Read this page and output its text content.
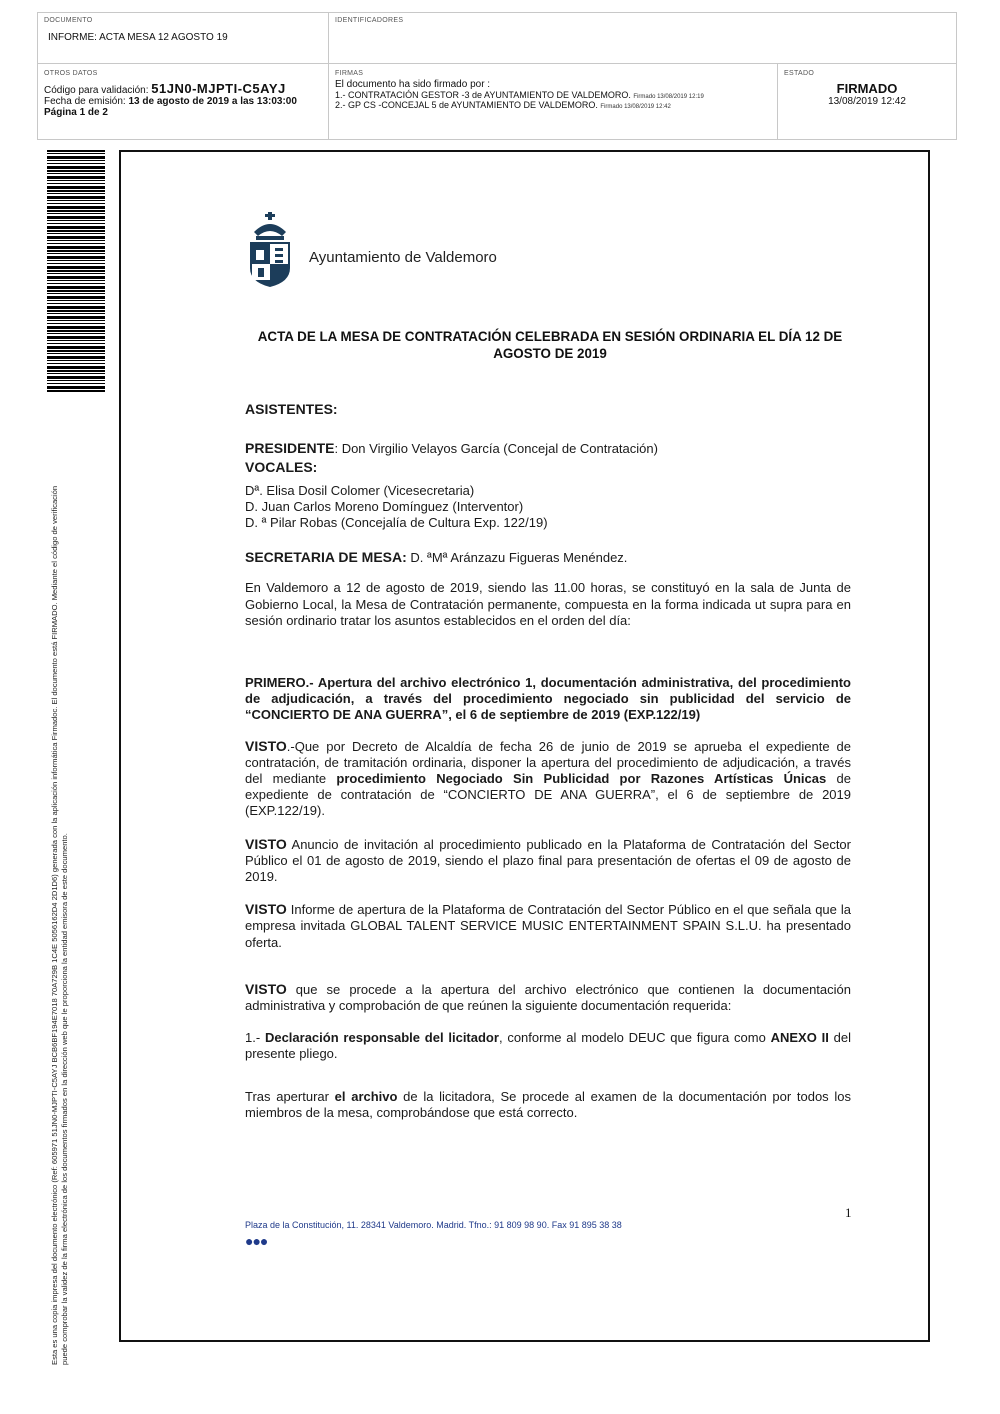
DOCUMENTO
INFORME: ACTA MESA 12 AGOSTO 19
IDENTIFICADORES
OTROS DATOS
Código para validación: 51JN0-MJPTI-C5AYJ
Fecha de emisión: 13 de agosto de 2019 a las 13:03:00
Página 1 de 2
FIRMAS
El documento ha sido firmado por :
1.- CONTRATACIÓN GESTOR -3 de AYUNTAMIENTO DE VALDEMORO. Firmado 13/08/2019 12:19
2.- GP CS -CONCEJAL 5 de AYUNTAMIENTO DE VALDEMORO. Firmado 13/08/2019 12:42
ESTADO
FIRMADO
13/08/2019 12:42
Esta es una copia impresa del documento electrónico (Ref: 605971 51JN0-MJPTI-C5AYJ BCB6BF194E7018 70A729B 1C4E 5056162D4 2D1D6) generada con la aplicación informática Firmadoc. El documento está FIRMADO. Mediante el código de verificación puede comprobar la validez de la firma electrónica de los documentos firmados en la dirección web que le proporciona la entidad emisora de este documento.
Ayuntamiento de Valdemoro
ACTA DE LA MESA DE CONTRATACIÓN CELEBRADA EN SESIÓN ORDINARIA EL DÍA 12 DE
AGOSTO DE 2019

ASISTENTES:

PRESIDENTE: Don Virgilio Velayos García (Concejal de Contratación)

VOCALES:

Dª. Elisa Dosil Colomer (Vicesecretaria)

D. Juan Carlos Moreno Domínguez (Interventor)

D. ª Pilar Robas (Concejalía de Cultura Exp. 122/19)

SECRETARIA DE MESA: D. ªMª Aránzazu Figueras Menéndez.

En Valdemoro a 12 de agosto de 2019, siendo las 11.00 horas, se constituyó en la sala de Junta de Gobierno Local, la Mesa de Contratación permanente, compuesta en la forma indicada ut supra para en sesión ordinario tratar los asuntos establecidos en el orden del día:

PRIMERO.- Apertura del archivo electrónico 1, documentación administrativa, del procedimiento de adjudicación, a través del procedimiento negociado sin publicidad del servicio de “CONCIERTO DE ANA GUERRA”, el 6 de septiembre de 2019 (EXP.122/19)

VISTO.-Que por Decreto de Alcaldía de fecha 26 de junio de 2019 se aprueba el expediente de contratación, de tramitación ordinaria, disponer la apertura del procedimiento de adjudicación, a través del mediante procedimiento Negociado Sin Publicidad por Razones Artísticas Únicas de expediente de contratación de “CONCIERTO DE ANA GUERRA”, el 6 de septiembre de 2019 (EXP.122/19).

VISTO Anuncio de invitación al procedimiento publicado en la Plataforma de Contratación del Sector Público el 01 de agosto de 2019, siendo el plazo final para presentación de ofertas el 09 de agosto de 2019.

VISTO Informe de apertura de la Plataforma de Contratación del Sector Público en el que señala que la empresa invitada GLOBAL TALENT SERVICE MUSIC ENTERTAINMENT SPAIN S.L.U. ha presentado oferta.

VISTO que se procede a la apertura del archivo electrónico que contienen la documentación administrativa y comprobación de que reúnen la siguiente documentación requerida:

1.- Declaración responsable del licitador, conforme al modelo DEUC que figura como ANEXO II del presente pliego.

Tras aperturar el archivo de la licitadora, Se procede al examen de la documentación por todos los miembros de la mesa, comprobándose que está correcto.

1
Plaza de la Constitución, 11. 28341 Valdemoro. Madrid. Tfno.: 91 809 98 90. Fax 91 895 38 38
●●●
